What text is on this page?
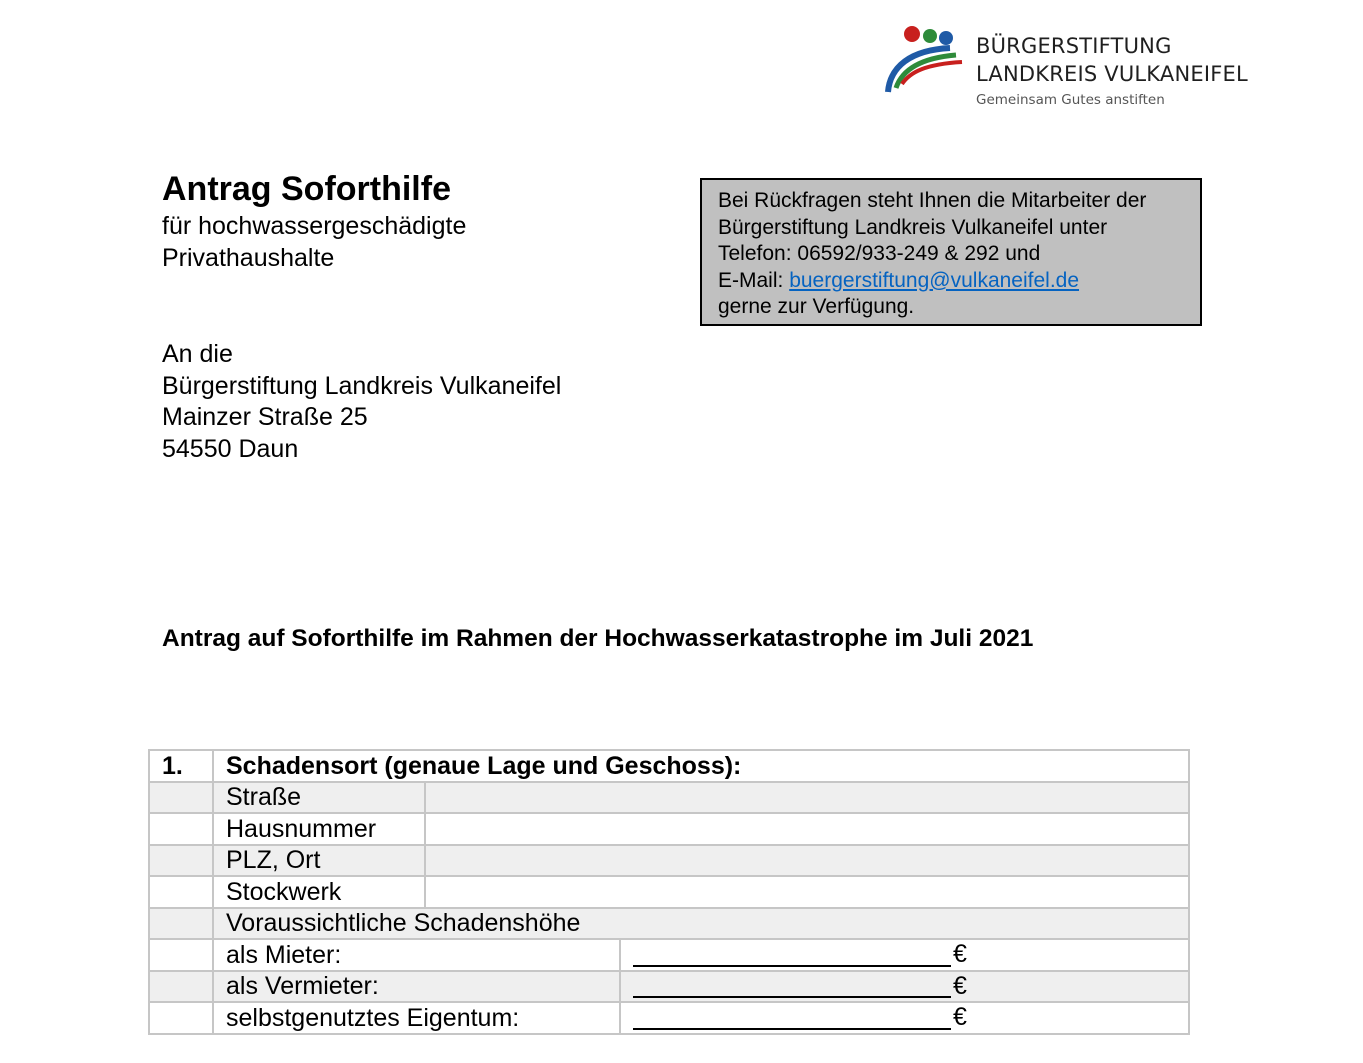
BÜRGERSTIFTUNG
LANDKREIS VULKANEIFEL
Gemeinsam Gutes anstiften
Antrag Soforthilfe
für hochwassergeschädigte
Privathaushalte
Bei Rückfragen steht Ihnen die Mitarbeiter der
Bürgerstiftung Landkreis Vulkaneifel unter
Telefon: 06592/933-249 & 292 und
E-Mail: buergerstiftung@vulkaneifel.de
gerne zur Verfügung.
An die
Bürgerstiftung Landkreis Vulkaneifel
Mainzer Straße 25
54550 Daun
Antrag auf Soforthilfe im Rahmen der Hochwasserkatastrophe im Juli 2021
1.	Schadensort (genaue Lage und Geschoss):		
	Straße		
	Hausnummer		
	PLZ, Ort		
	Stockwerk		
	Voraussichtliche Schadenshöhe		
	als Mieter:		€

	als Vermieter:		€

	selbstgenutztes Eigentum:		€
